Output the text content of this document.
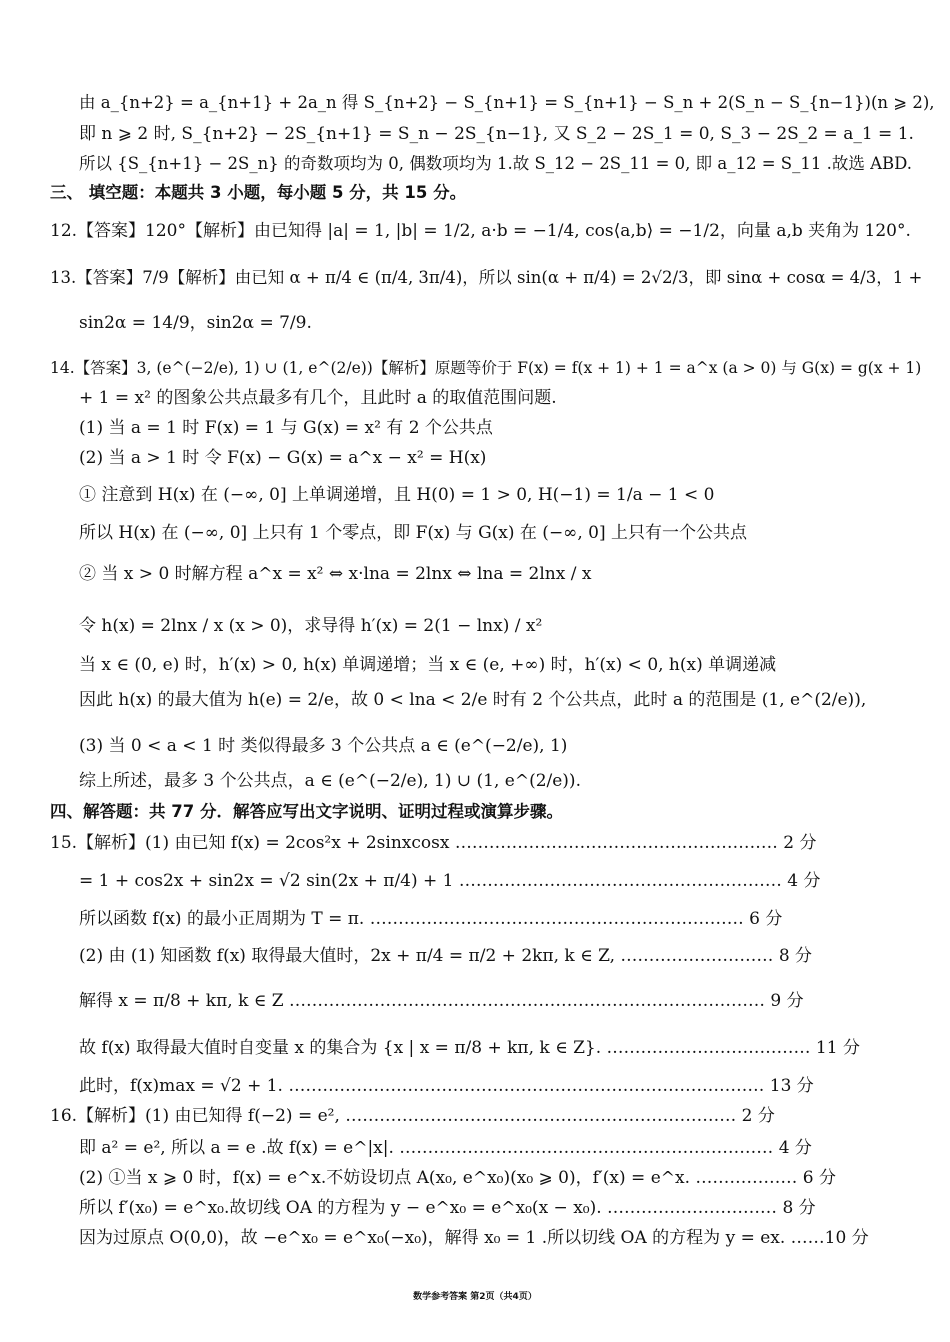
由 a_{n+2} = a_{n+1} + 2a_n 得 S_{n+2} − S_{n+1} = S_{n+1} − S_n + 2(S_n − S_{n−1})(n ⩾ 2),
即 n ⩾ 2 时, S_{n+2} − 2S_{n+1} = S_n − 2S_{n−1}, 又 S_2 − 2S_1 = 0, S_3 − 2S_2 = a_1 = 1.
所以 {S_{n+1} − 2S_n} 的奇数项均为 0, 偶数项均为 1.故 S_12 − 2S_11 = 0, 即 a_12 = S_11 .故选 ABD.
三、 填空题：本题共 3 小题，每小题 5 分，共 15 分。
12.【答案】120°【解析】由已知得 |a| = 1, |b| = 1/2, a·b = −1/4, cos⟨a,b⟩ = −1/2，向量 a,b 夹角为 120°.
13.【答案】7/9【解析】由已知 α + π/4 ∈ (π/4, 3π/4)，所以 sin(α + π/4) = 2√2/3，即 sinα + cosα = 4/3，1 +
sin2α = 14/9，sin2α = 7/9.
14.【答案】3, (e^(−2/e), 1) ∪ (1, e^(2/e))【解析】原题等价于 F(x) = f(x + 1) + 1 = a^x (a > 0) 与 G(x) = g(x + 1)
+ 1 = x² 的图象公共点最多有几个，且此时 a 的取值范围问题.
(1) 当 a = 1 时 F(x) = 1 与 G(x) = x² 有 2 个公共点
(2) 当 a > 1 时 令 F(x) − G(x) = a^x − x² = H(x)
① 注意到 H(x) 在 (−∞, 0] 上单调递增，且 H(0) = 1 > 0, H(−1) = 1/a − 1 < 0
所以 H(x) 在 (−∞, 0] 上只有 1 个零点，即 F(x) 与 G(x) 在 (−∞, 0] 上只有一个公共点
② 当 x > 0 时解方程 a^x = x² ⇔ x·lna = 2lnx ⇔ lna = 2lnx / x
令 h(x) = 2lnx / x (x > 0)，求导得 h′(x) = 2(1 − lnx) / x²
当 x ∈ (0, e) 时，h′(x) > 0, h(x) 单调递增；当 x ∈ (e, +∞) 时，h′(x) < 0, h(x) 单调递减
因此 h(x) 的最大值为 h(e) = 2/e，故 0 < lna < 2/e 时有 2 个公共点，此时 a 的范围是 (1, e^(2/e)),
(3) 当 0 < a < 1 时 类似得最多 3 个公共点 a ∈ (e^(−2/e), 1)
综上所述，最多 3 个公共点，a ∈ (e^(−2/e), 1) ∪ (1, e^(2/e)).
四、解答题：共 77 分．解答应写出文字说明、证明过程或演算步骤。
15.【解析】(1) 由已知 f(x) = 2cos²x + 2sinxcosx ………………………………………………… 2 分
= 1 + cos2x + sin2x = √2 sin(2x + π/4) + 1 ………………………………………………… 4 分
所以函数 f(x) 的最小正周期为 T = π. ………………………………………………………… 6 分
(2) 由 (1) 知函数 f(x) 取得最大值时，2x + π/4 = π/2 + 2kπ, k ∈ Z, ……………………… 8 分
解得 x = π/8 + kπ, k ∈ Z ………………………………………………………………………… 9 分
故 f(x) 取得最大值时自变量 x 的集合为 {x | x = π/8 + kπ, k ∈ Z}. ……………………………… 11 分
此时，f(x)max = √2 + 1. ………………………………………………………………………… 13 分
16.【解析】(1) 由已知得 f(−2) = e², …………………………………………………………… 2 分
即 a² = e², 所以 a = e .故 f(x) = e^|x|. ………………………………………………………… 4 分
(2) ①当 x ⩾ 0 时，f(x) = e^x.不妨设切点 A(x₀, e^x₀)(x₀ ⩾ 0)，f′(x) = e^x. ……………… 6 分
所以 f′(x₀) = e^x₀.故切线 OA 的方程为 y − e^x₀ = e^x₀(x − x₀). ………………………… 8 分
因为过原点 O(0,0)，故 −e^x₀ = e^x₀(−x₀)，解得 x₀ = 1 .所以切线 OA 的方程为 y = ex. ……10 分
数学参考答案 第2页（共4页）
